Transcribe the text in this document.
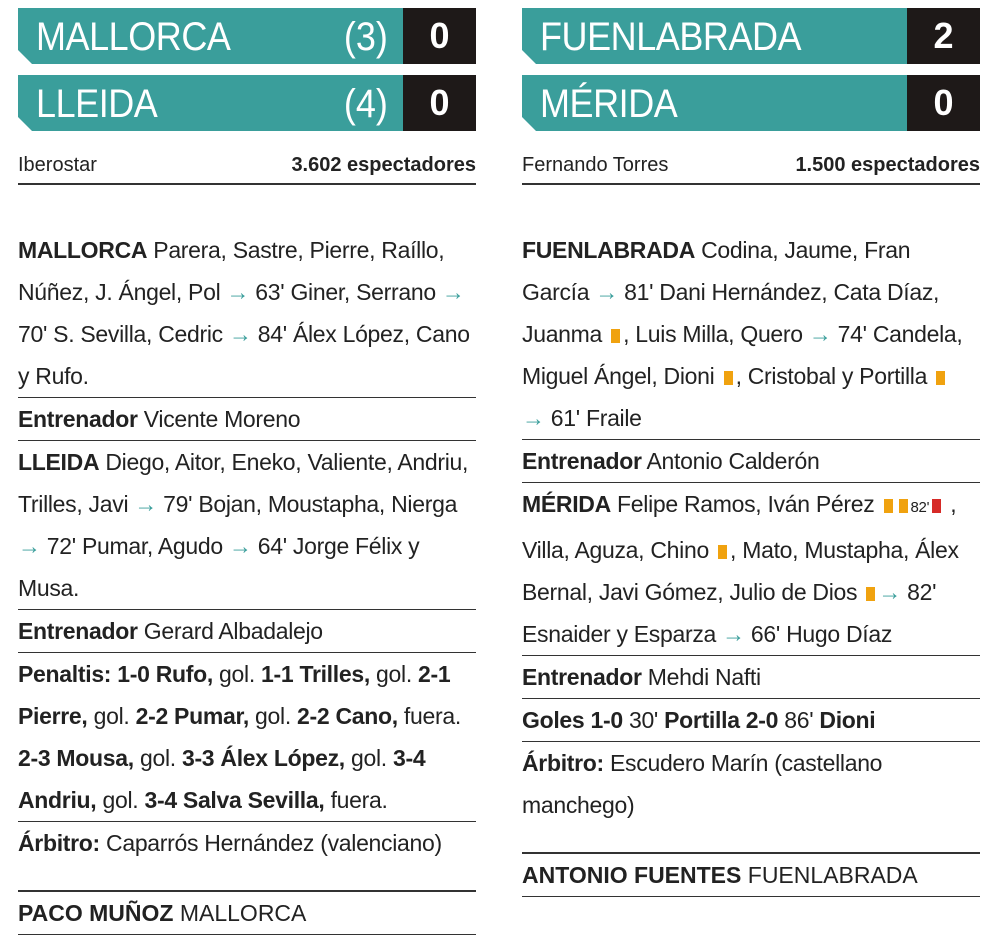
MALLORCA	(3)	0
LLEIDA	(4)	0
Iberostar	3.602 espectadores
MALLORCA Parera, Sastre, Pierre, Raíllo, Núñez, J. Ángel, Pol → 63' Giner, Serrano → 70' S. Sevilla, Cedric → 84' Álex López, Cano y Rufo.
Entrenador Vicente Moreno
LLEIDA Diego, Aitor, Eneko, Valiente, Andriu, Trilles, Javi → 79' Bojan, Moustapha, Nierga → 72' Pumar, Agudo → 64' Jorge Félix y Musa.
Entrenador Gerard Albadalejo
Penaltis: 1-0 Rufo, gol. 1-1 Trilles, gol. 2-1 Pierre, gol. 2-2 Pumar, gol. 2-2 Cano, fuera. 2-3 Mousa, gol. 3-3 Álex López, gol. 3-4 Andriu, gol. 3-4 Salva Sevilla, fuera.
Árbitro: Caparrós Hernández (valenciano)
PACO MUÑOZ MALLORCA
FUENLABRADA	2
MÉRIDA	0
Fernando Torres	1.500 espectadores
FUENLABRADA Codina, Jaume, Fran García → 81' Dani Hernández, Cata Díaz, Juanma , Luis Milla, Quero → 74' Candela, Miguel Ángel, Dioni , Cristobal y Portilla
→ 61' Fraile
Entrenador Antonio Calderón
MÉRIDA Felipe Ramos, Iván Pérez 82' , Villa, Aguza, Chino , Mato, Mustapha, Álex Bernal, Javi Gómez, Julio de Dios → 82' Esnaider y Esparza → 66' Hugo Díaz
Entrenador Mehdi Nafti
Goles 1-0 30' Portilla 2-0 86' Dioni
Árbitro: Escudero Marín (castellano manchego)
ANTONIO FUENTES FUENLABRADA
